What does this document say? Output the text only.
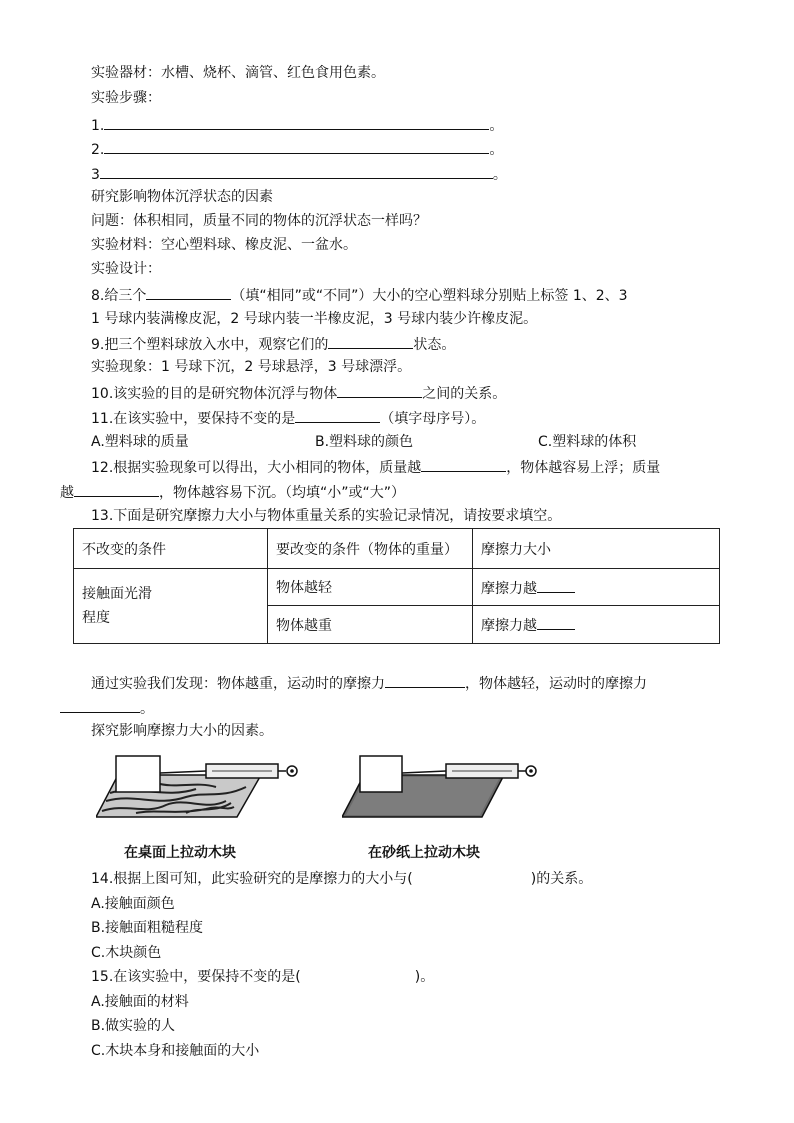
实验器材：水槽、烧杯、滴管、红色食用色素。
实验步骤：
1.	。
2.	。
3	。
研究影响物体沉浮状态的因素
问题：体积相同，质量不同的物体的沉浮状态一样吗？
实验材料：空心塑料球、橡皮泥、一盆水。
实验设计：
8.给三个	（填“相同”或“不同”）大小的空心塑料球分别贴上标签 1、2、3
1 号球内装满橡皮泥，2 号球内装一半橡皮泥，3 号球内装少许橡皮泥。
9.把三个塑料球放入水中，观察它们的	状态。
实验现象：1 号球下沉，2 号球悬浮，3 号球漂浮。
10.该实验的目的是研究物体沉浮与物体	之间的关系。
11.在该实验中，要保持不变的是	（填字母序号）。
A.塑料球的质量	B.塑料球的颜色	C.塑料球的体积
12.根据实验现象可以得出，大小相同的物体，质量越	，物体越容易上浮；质量
越	，物体越容易下沉。（均填“小”或“大”）
13.下面是研究摩擦力大小与物体重量关系的实验记录情况，请按要求填空。
不改变的条件	要改变的条件（物体的重量）	摩擦力大小
接触面光滑
程度	物体越轻	摩擦力越
	物体越重	摩擦力越
通过实验我们发现：物体越重，运动时的摩擦力	，物体越轻，运动时的摩擦力
。
探究影响摩擦力大小的因素。
在桌面上拉动木块	在砂纸上拉动木块
14.根据上图可知，此实验研究的是摩擦力的大小与(	)的关系。
A.接触面颜色
B.接触面粗糙程度
C.木块颜色
15.在该实验中，要保持不变的是(	)。
A.接触面的材料
B.做实验的人
C.木块本身和接触面的大小
